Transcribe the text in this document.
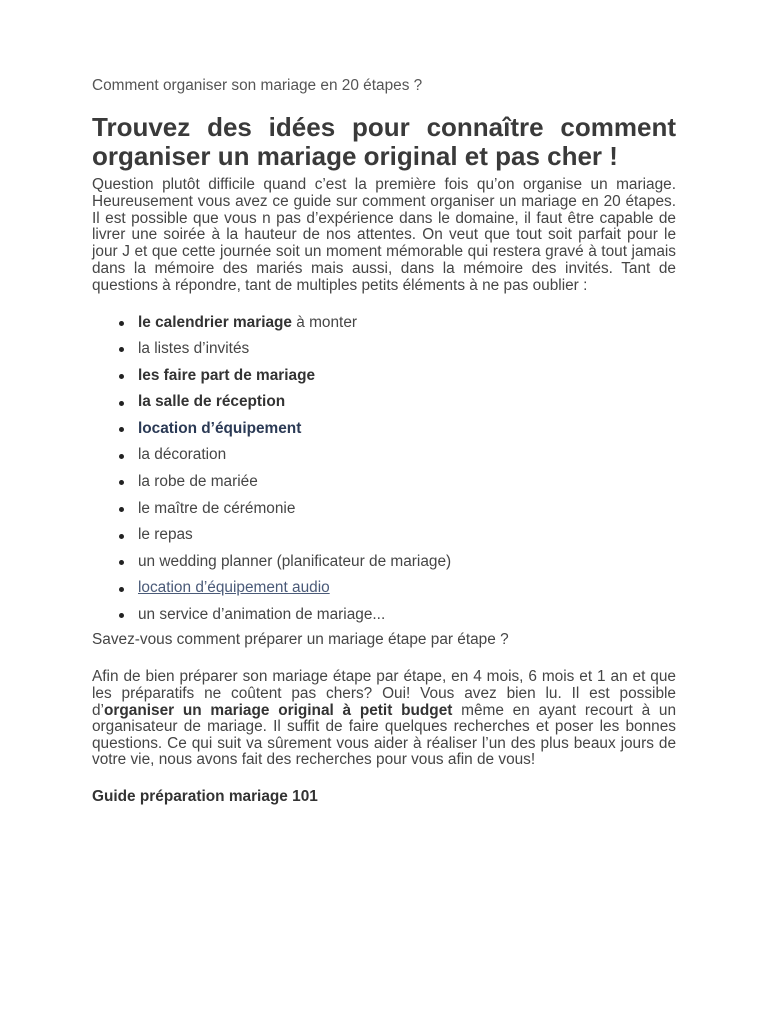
Comment organiser son mariage en 20 étapes ?

Trouvez des idées pour connaître comment organiser un mariage original et pas cher !
Question plutôt difficile quand c’est la première fois qu’on organise un mariage.
Heureusement vous avez ce guide sur comment organiser un mariage en 20 étapes.
Il est possible que vous n pas d’expérience dans le domaine, il faut être capable de
livrer une soirée à la hauteur de nos attentes. On veut que tout soit parfait pour le
jour J et que cette journée soit un moment mémorable qui restera gravé à tout jamais
dans la mémoire des mariés mais aussi, dans la mémoire des invités. Tant de
questions à répondre, tant de multiples petits éléments à ne pas oublier :
le calendrier mariage à monter
la listes d’invités
les faire part de mariage
la salle de réception
location d’équipement
la décoration
la robe de mariée
le maître de cérémonie
le repas
un wedding planner (planificateur de mariage)
location d’équipement audio
un service d’animation de mariage...

Savez-vous comment préparer un mariage étape par étape ?

Afin de bien préparer son mariage étape par étape, en 4 mois, 6 mois et 1 an et que
les préparatifs ne coûtent pas chers? Oui! Vous avez bien lu. Il est possible
d’organiser un mariage original à petit budget même en ayant recourt à un
organisateur de mariage. Il suffit de faire quelques recherches et poser les bonnes
questions. Ce qui suit va sûrement vous aider à réaliser l’un des plus beaux jours de
votre vie, nous avons fait des recherches pour vous afin de vous!

Guide préparation mariage 101
